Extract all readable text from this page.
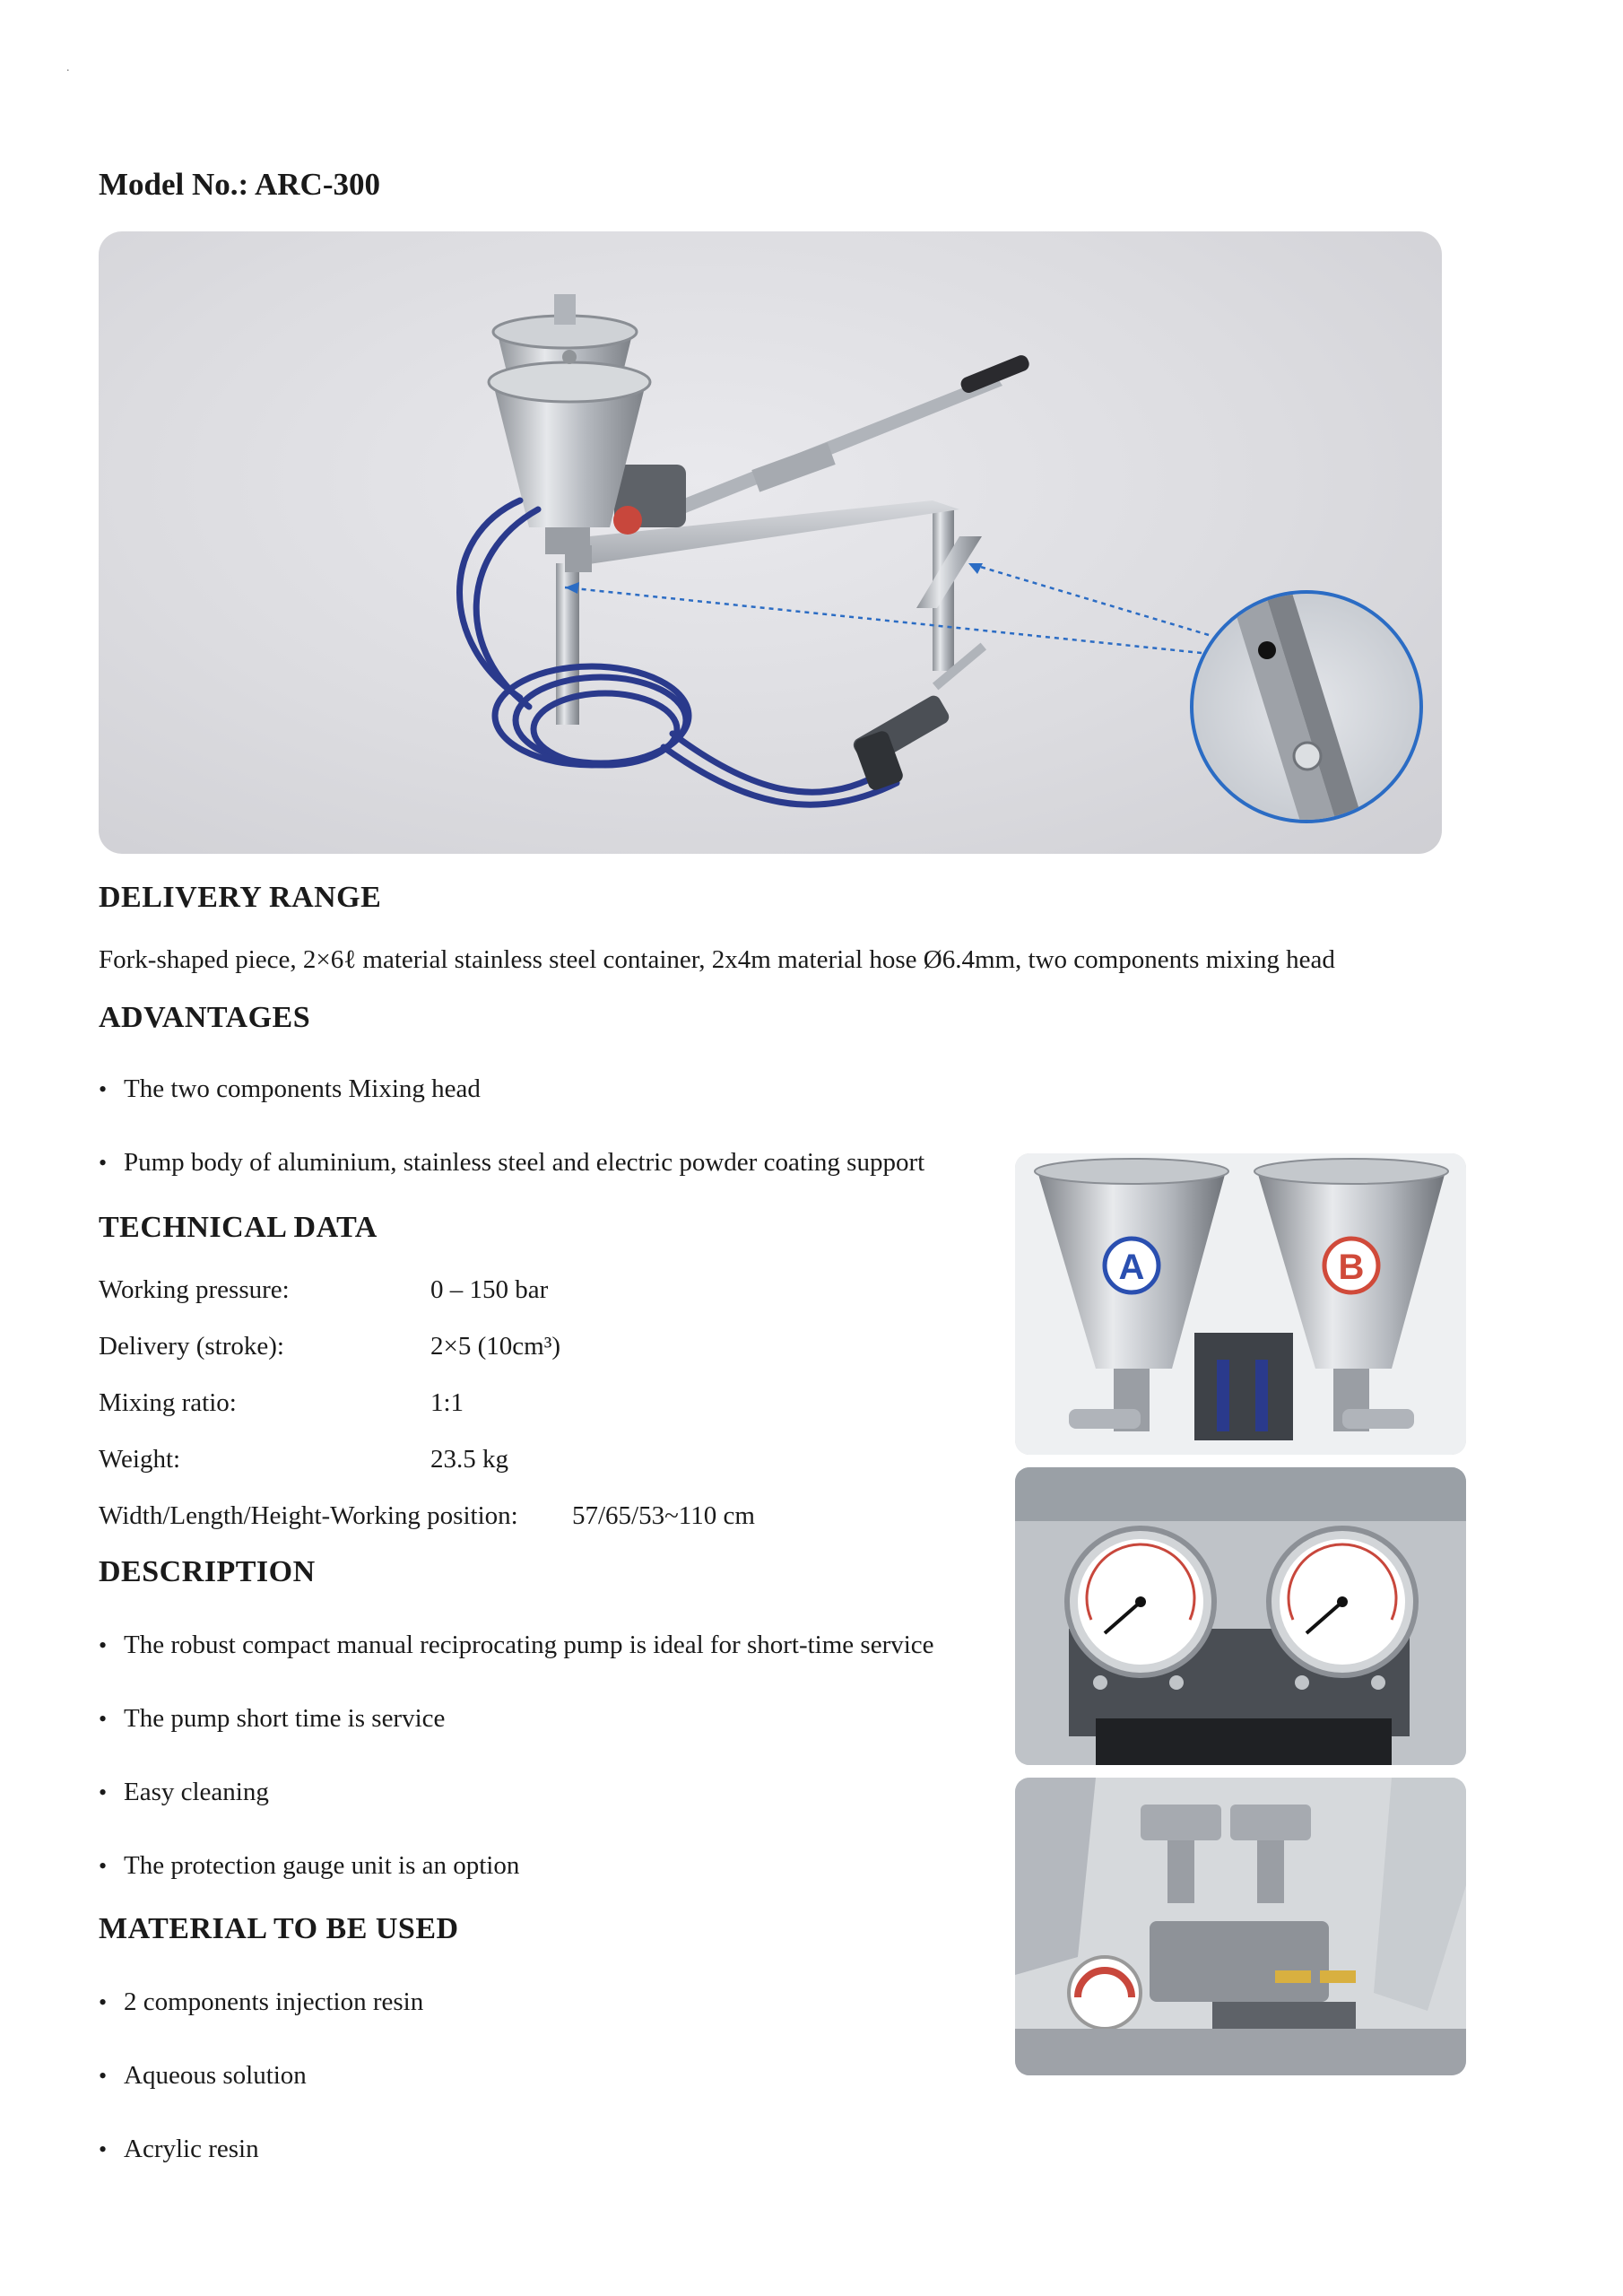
.
Model No.: ARC-300
DELIVERY RANGE

Fork-shaped piece, 2×6ℓ material stainless steel container, 2x4m material hose Ø6.4mm, two components mixing head

ADVANTAGES
• The two components Mixing head
• Pump body of aluminium, stainless steel and electric powder coating support
TECHNICAL DATA
Working pressure:	0 – 150 bar
Delivery (stroke):	2×5 (10cm³)
Mixing ratio:	1:1
Weight:	23.5 kg
Width/Length/Height-Working position: 57/65/53~110 cm
DESCRIPTION
• The robust compact manual reciprocating pump is ideal for short-time service
• The pump short time is service
• Easy cleaning
• The protection gauge unit is an option
MATERIAL TO BE USED
• 2 components injection resin
• Aqueous solution
• Acrylic resin
A	B
